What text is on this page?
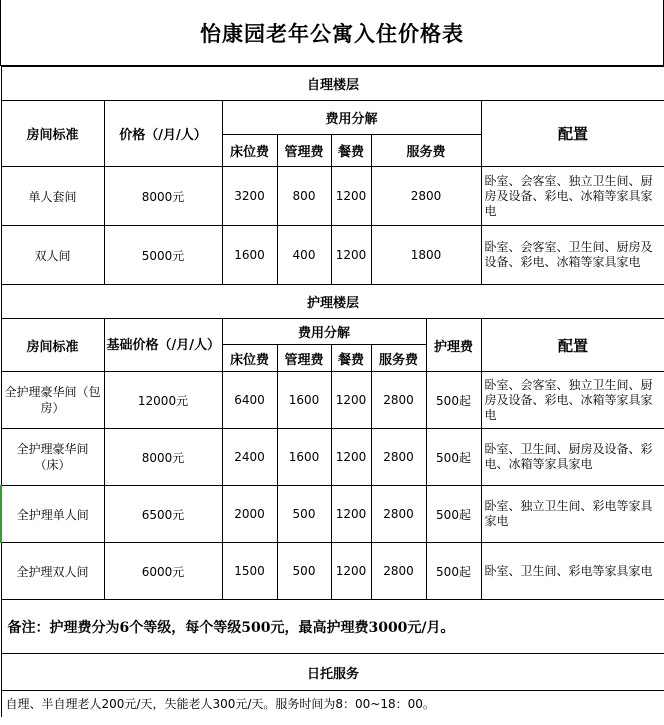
怡康园老年公寓入住价格表
自理楼层							
房间标准	价格（/月/人）	费用分解					配置
		床位费	管理费	餐费	服务费		
单人套间	8000元	3200	800	1200	2800		卧室、会客室、独立卫生间、厨房及设备、彩电、冰箱等家具家电
双人间	5000元	1600	400	1200	1800		卧室、会客室、卫生间、厨房及设备、彩电、冰箱等家具家电
护理楼层							
房间标准	基础价格（/月/人）	费用分解				护理费	配置
		床位费	管理费	餐费	服务费		
全护理豪华间（包房）	12000元	6400	1600	1200	2800	500起	卧室、会客室、独立卫生间、厨房及设备、彩电、冰箱等家具家电
全护理豪华间（床）	8000元	2400	1600	1200	2800	500起	卧室、卫生间、厨房及设备、彩电、冰箱等家具家电
全护理单人间	6500元	2000	500	1200	2800	500起	卧室、独立卫生间、彩电等家具家电
全护理双人间	6000元	1500	500	1200	2800	500起	卧室、卫生间、彩电等家具家电
备注：护理费分为6个等级，每个等级500元，最高护理费3000元/月。							
日托服务							
自理、半自理老人200元/天，失能老人300元/天。服务时间为8：00~18：00。							
